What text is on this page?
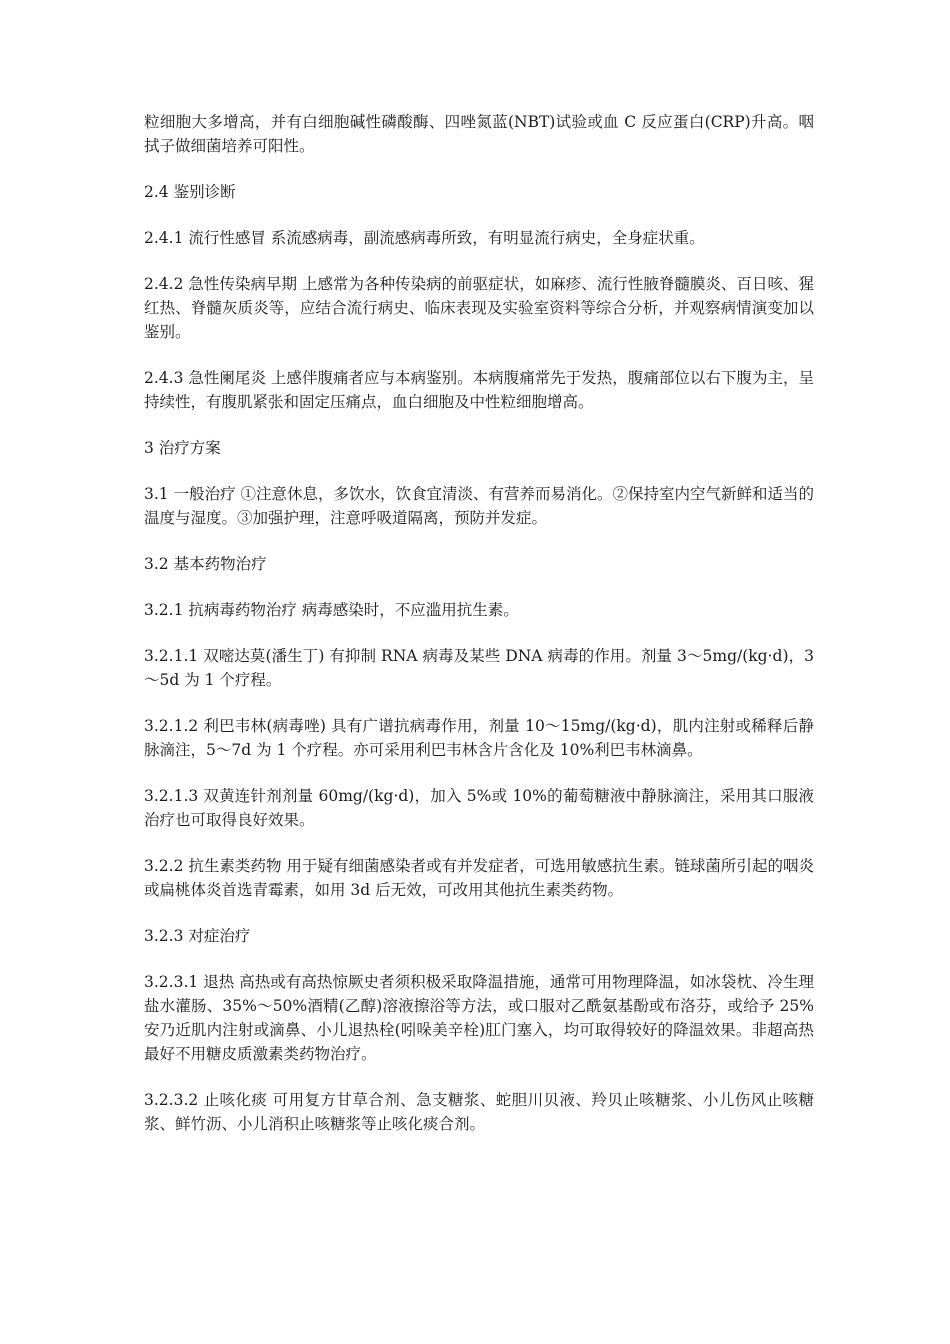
粒细胞大多增高，并有白细胞碱性磷酸酶、四唑氮蓝(NBT)试验或血 C 反应蛋白(CRP)升高。咽拭子做细菌培养可阳性。

2.4 鉴别诊断

2.4.1 流行性感冒 系流感病毒，副流感病毒所致，有明显流行病史，全身症状重。

2.4.2 急性传染病早期 上感常为各种传染病的前驱症状，如麻疹、流行性腋脊髓膜炎、百日咳、猩红热、脊髓灰质炎等，应结合流行病史、临床表现及实验室资料等综合分析，并观察病情演变加以鉴别。

2.4.3 急性阑尾炎 上感伴腹痛者应与本病鉴别。本病腹痛常先于发热，腹痛部位以右下腹为主，呈持续性，有腹肌紧张和固定压痛点，血白细胞及中性粒细胞增高。

3 治疗方案

3.1 一般治疗 ①注意休息，多饮水，饮食宜清淡、有营养而易消化。②保持室内空气新鲜和适当的温度与湿度。③加强护理，注意呼吸道隔离，预防并发症。

3.2 基本药物治疗

3.2.1 抗病毒药物治疗 病毒感染时，不应滥用抗生素。

3.2.1.1 双嘧达莫(潘生丁) 有抑制 RNA 病毒及某些 DNA 病毒的作用。剂量 3～5mg/(kg·d)，3～5d 为 1 个疗程。

3.2.1.2 利巴韦林(病毒唑) 具有广谱抗病毒作用，剂量 10～15mg/(kg·d)，肌内注射或稀释后静脉滴注，5～7d 为 1 个疗程。亦可采用利巴韦林含片含化及 10%利巴韦林滴鼻。

3.2.1.3 双黄连针剂剂量 60mg/(kg·d)，加入 5%或 10%的葡萄糖液中静脉滴注，采用其口服液治疗也可取得良好效果。

3.2.2 抗生素类药物 用于疑有细菌感染者或有并发症者，可选用敏感抗生素。链球菌所引起的咽炎或扁桃体炎首选青霉素，如用 3d 后无效，可改用其他抗生素类药物。

3.2.3 对症治疗

3.2.3.1 退热 高热或有高热惊厥史者须积极采取降温措施，通常可用物理降温，如冰袋枕、冷生理盐水灌肠、35%～50%酒精(乙醇)溶液擦浴等方法，或口服对乙酰氨基酚或布洛芬，或给予 25%安乃近肌内注射或滴鼻、小儿退热栓(吲哚美辛栓)肛门塞入，均可取得较好的降温效果。非超高热最好不用糖皮质激素类药物治疗。

3.2.3.2 止咳化痰 可用复方甘草合剂、急支糖浆、蛇胆川贝液、羚贝止咳糖浆、小儿伤风止咳糖浆、鲜竹沥、小儿消积止咳糖浆等止咳化痰合剂。
